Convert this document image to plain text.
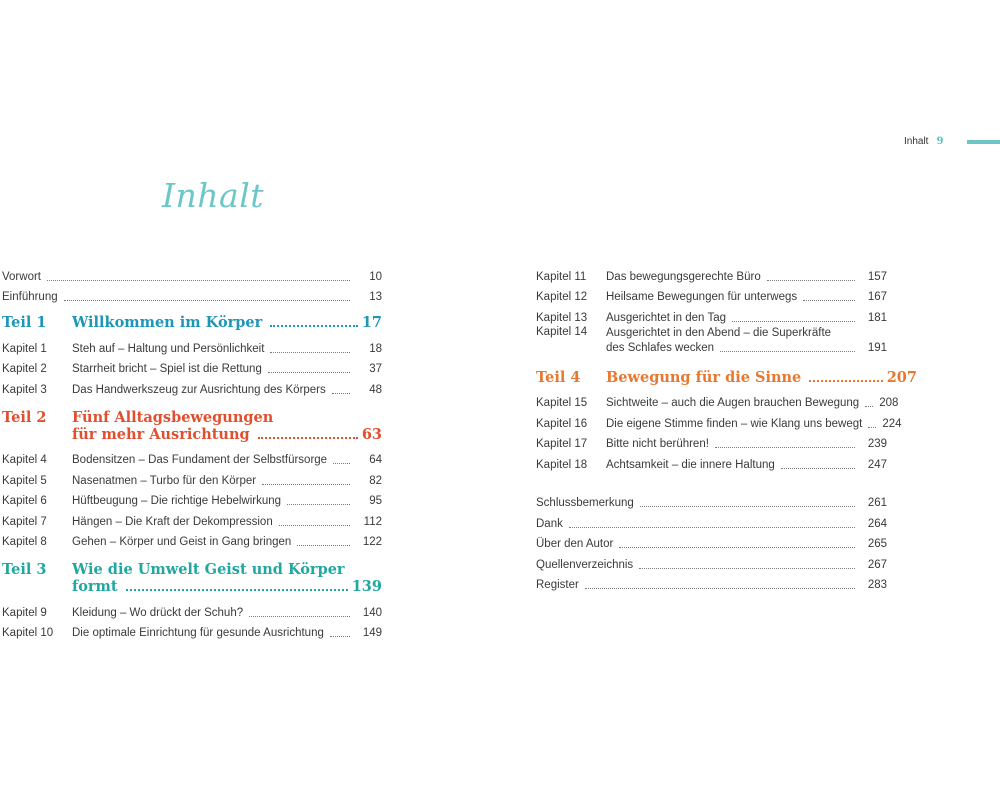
Inhalt 9
Inhalt
Vorwort	10
Einführung	13
Teil 1	Willkommen im Körper	17
Kapitel 1	Steh auf – Haltung und Persönlichkeit	18
Kapitel 2	Starrheit bricht – Spiel ist die Rettung	37
Kapitel 3	Das Handwerkszeug zur Ausrichtung des Körpers	48
Teil 2	Fünf Alltagsbewegungen
für mehr Ausrichtung	63
Kapitel 4	Bodensitzen – Das Fundament der Selbstfürsorge	64
Kapitel 5	Nasenatmen – Turbo für den Körper	82
Kapitel 6	Hüftbeugung – Die richtige Hebelwirkung	95
Kapitel 7	Hängen – Die Kraft der Dekompression	112
Kapitel 8	Gehen – Körper und Geist in Gang bringen	122
Teil 3	Wie die Umwelt Geist und Körper
formt	139
Kapitel 9	Kleidung – Wo drückt der Schuh?	140
Kapitel 10	Die optimale Einrichtung für gesunde Ausrichtung	149
Kapitel 11	Das bewegungsgerechte Büro	157
Kapitel 12	Heilsame Bewegungen für unterwegs	167
Kapitel 13	Ausgerichtet in den Tag	181
Kapitel 14	Ausgerichtet in den Abend – die Superkräfte
des Schlafes wecken	191
Teil 4	Bewegung für die Sinne	207
Kapitel 15	Sichtweite – auch die Augen brauchen Bewegung 208
Kapitel 16	Die eigene Stimme finden – wie Klang uns bewegt 224
Kapitel 17	Bitte nicht berühren!	239
Kapitel 18	Achtsamkeit – die innere Haltung	247
Schlussbemerkung	261
Dank	264
Über den Autor	265
Quellenverzeichnis	267
Register	283
